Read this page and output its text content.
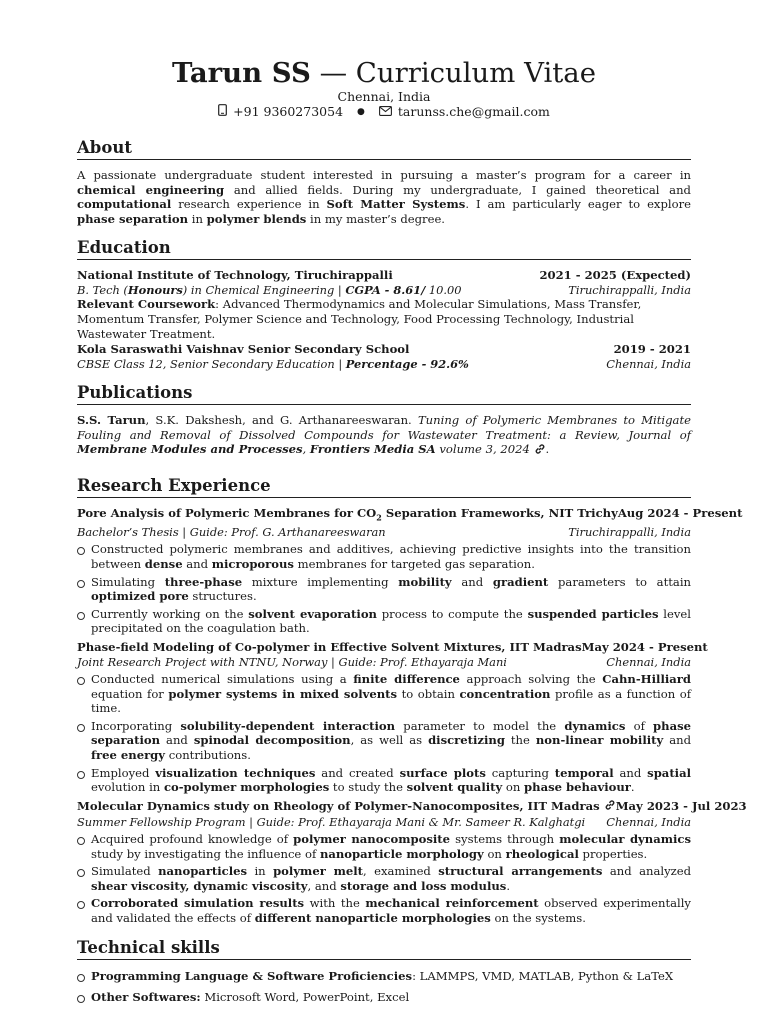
Tarun SS — Curriculum Vitae
Chennai, India
+91 9360273054 ●	tarunss.che@gmail.com
About
A passionate undergraduate student interested in pursuing a master’s program for a career in chemical engineering and allied fields. During my undergraduate, I gained theoretical and computational research experience in Soft Matter Systems. I am particularly eager to explore phase separation in polymer blends in my master’s degree.
Education
National Institute of Technology, Tiruchirappalli	2021 - 2025 (Expected)
B. Tech (Honours) in Chemical Engineering | CGPA - 8.61/ 10.00	Tiruchirappalli, India
Relevant Coursework: Advanced Thermodynamics and Molecular Simulations, Mass Transfer, Momentum Transfer, Polymer Science and Technology, Food Processing Technology, Industrial Wastewater Treatment.
Kola Saraswathi Vaishnav Senior Secondary School	2019 - 2021
CBSE Class 12, Senior Secondary Education | Percentage - 92.6%	Chennai, India
Publications
S.S. Tarun, S.K. Dakshesh, and G. Arthanareeswaran. Tuning of Polymeric Membranes to Mitigate Fouling and Removal of Dissolved Compounds for Wastewater Treatment: a Review, Journal of Membrane Modules and Processes, Frontiers Media SA volume 3, 2024 .
Research Experience
Pore Analysis of Polymeric Membranes for $CO_2$ Separation Frameworks, NIT Trichy Aug 2024 - Present
Bachelor’s Thesis | Guide: Prof. G. Arthanareeswaran	Tiruchirappalli, India
Constructed polymeric membranes and additives, achieving predictive insights into the transition between dense and microporous membranes for targeted gas separation.
Simulating three-phase mixture implementing mobility and gradient parameters to attain optimized pore structures.
Currently working on the solvent evaporation process to compute the suspended particles level precipitated on the coagulation bath.
Phase-field Modeling of Co-polymer in Effective Solvent Mixtures, IIT Madras May 2024 - Present
Joint Research Project with NTNU, Norway | Guide: Prof. Ethayaraja Mani	Chennai, India
Conducted numerical simulations using a finite difference approach solving the Cahn-Hilliard equation for polymer systems in mixed solvents to obtain concentration profile as a function of time.
Incorporating solubility-dependent interaction parameter to model the dynamics of phase separation and spinodal decomposition, as well as discretizing the non-linear mobility and free energy contributions.
Employed visualization techniques and created surface plots capturing temporal and spatial evolution in co-polymer morphologies to study the solvent quality on phase behaviour.
Molecular Dynamics study on Rheology of Polymer-Nanocomposites, IIT Madras	May 2023 - Jul 2023
Summer Fellowship Program | Guide: Prof. Ethayaraja Mani & Mr. Sameer R. Kalghatgi Chennai, India
Acquired profound knowledge of polymer nanocomposite systems through molecular dynamics study by investigating the influence of nanoparticle morphology on rheological properties.
Simulated nanoparticles in polymer melt, examined structural arrangements and analyzed shear viscosity, dynamic viscosity, and storage and loss modulus.
Corroborated simulation results with the mechanical reinforcement observed experimentally and validated the effects of different nanoparticle morphologies on the systems.
Technical skills
Programming Language & Software Proficiencies: LAMMPS, VMD, MATLAB, Python & LaTeX
Other Softwares: Microsoft Word, PowerPoint, Excel
